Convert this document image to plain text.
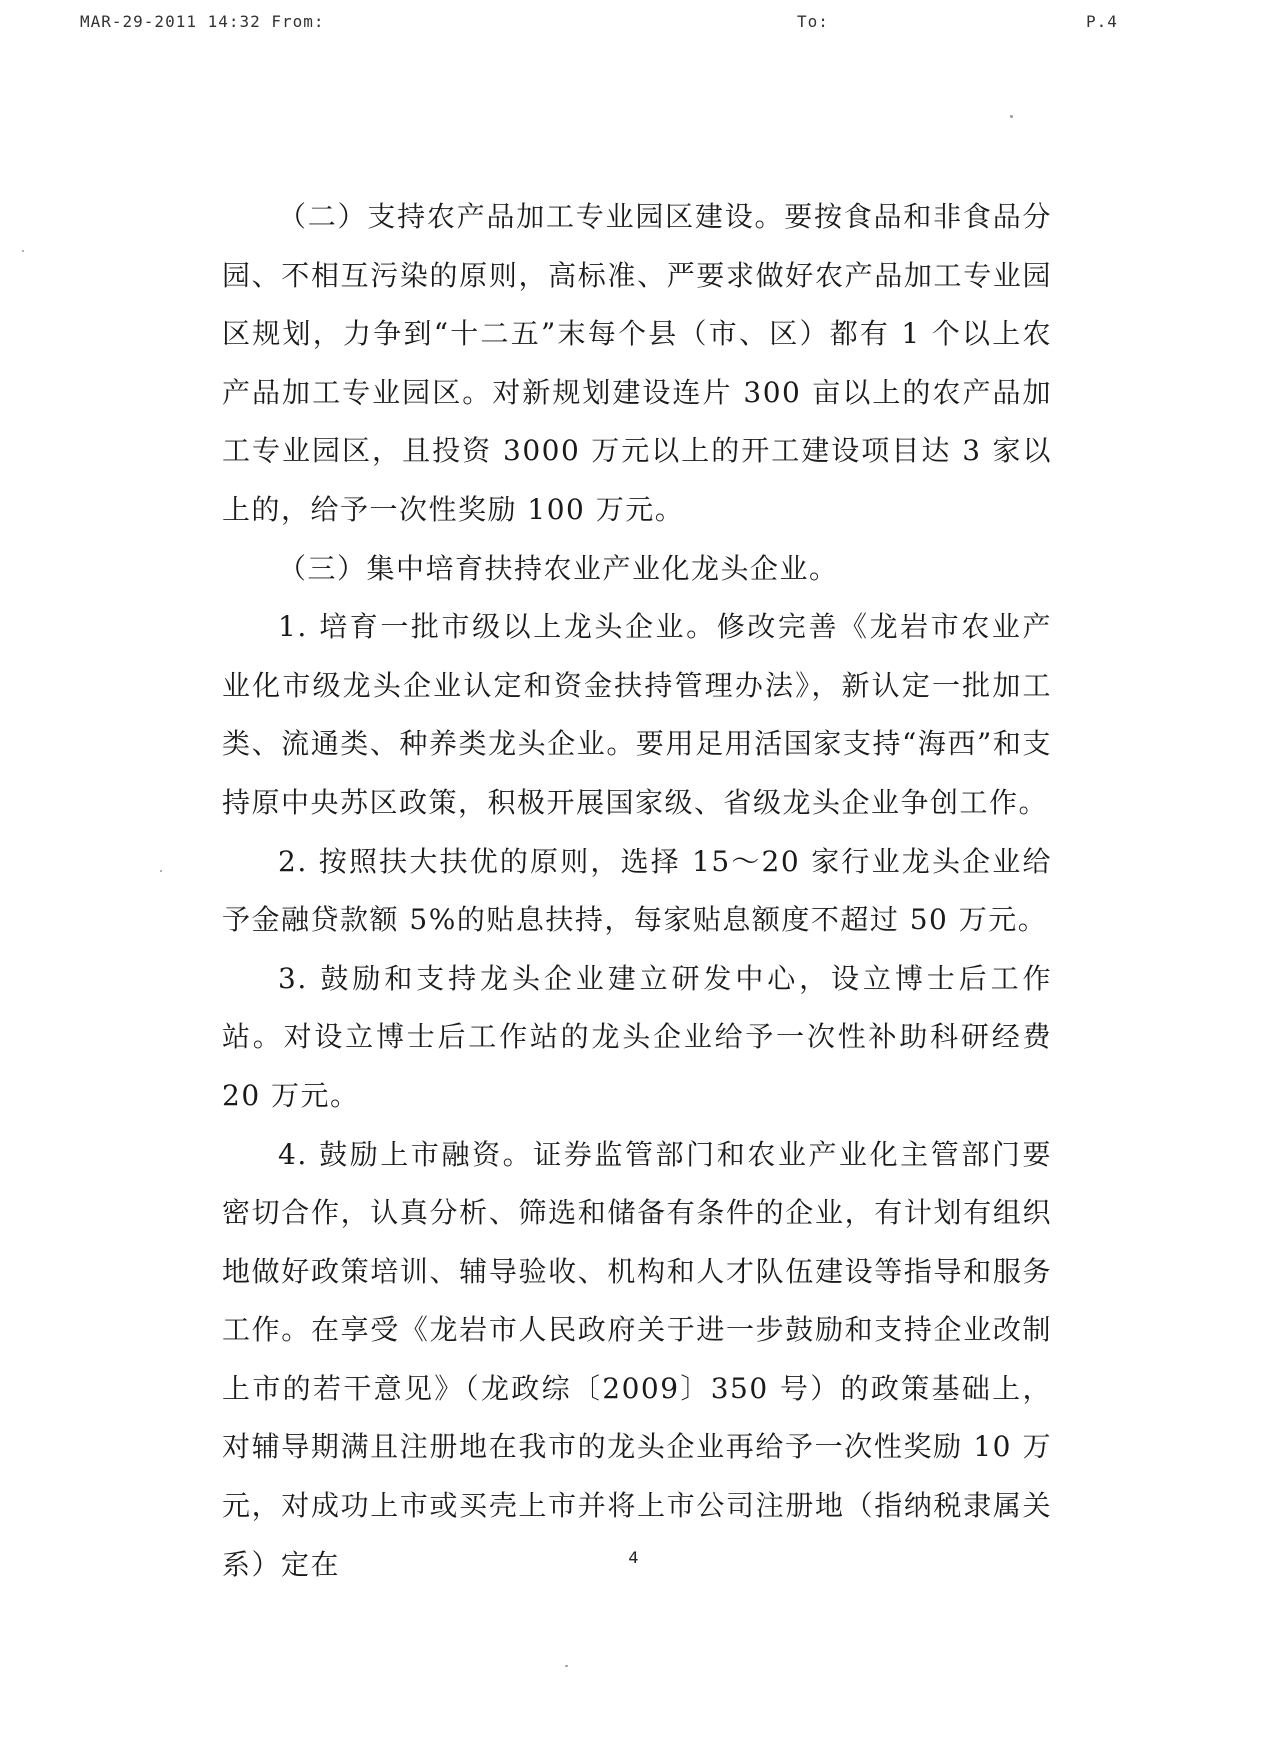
MAR-29-2011 14:32 From:	To:	P.4

（二）支持农产品加工专业园区建设。要按食品和非食品分园、不相互污染的原则，高标准、严要求做好农产品加工专业园区规划，力争到“十二五”末每个县（市、区）都有 1 个以上农产品加工专业园区。对新规划建设连片 300 亩以上的农产品加工专业园区，且投资 3000 万元以上的开工建设项目达 3 家以上的，给予一次性奖励 100 万元。

（三）集中培育扶持农业产业化龙头企业。

1. 培育一批市级以上龙头企业。修改完善《龙岩市农业产业化市级龙头企业认定和资金扶持管理办法》，新认定一批加工类、流通类、种养类龙头企业。要用足用活国家支持“海西”和支持原中央苏区政策，积极开展国家级、省级龙头企业争创工作。

2. 按照扶大扶优的原则，选择 15～20 家行业龙头企业给予金融贷款额 5%的贴息扶持，每家贴息额度不超过 50 万元。

3. 鼓励和支持龙头企业建立研发中心，设立博士后工作站。对设立博士后工作站的龙头企业给予一次性补助科研经费 20 万元。

4. 鼓励上市融资。证券监管部门和农业产业化主管部门要密切合作，认真分析、筛选和储备有条件的企业，有计划有组织地做好政策培训、辅导验收、机构和人才队伍建设等指导和服务工作。在享受《龙岩市人民政府关于进一步鼓励和支持企业改制上市的若干意见》（龙政综〔2009〕350 号）的政策基础上，对辅导期满且注册地在我市的龙头企业再给予一次性奖励 10 万元，对成功上市或买壳上市并将上市公司注册地（指纳税隶属关系）定在	4
